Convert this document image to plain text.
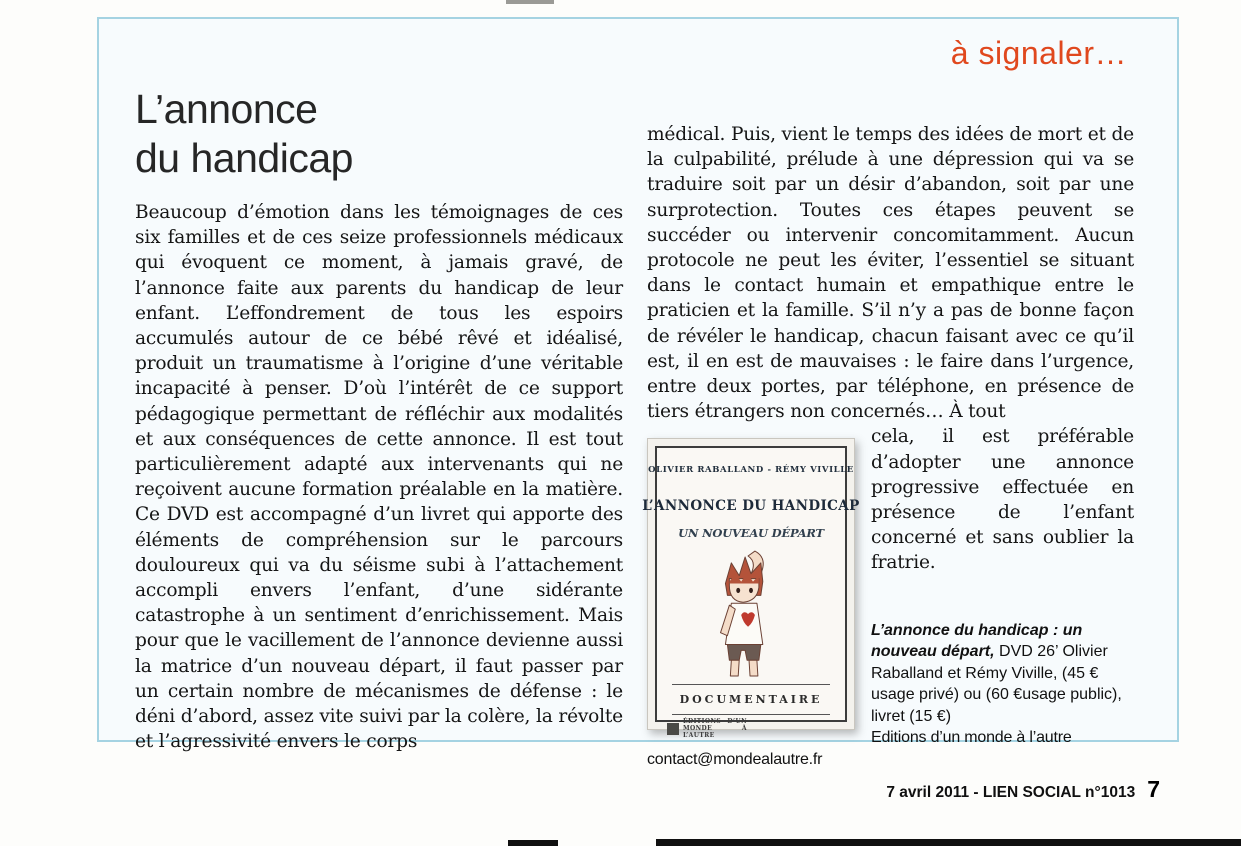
à signaler…
L’annonce
du handicap
Beaucoup d’émotion dans les témoignages de ces six familles et de ces seize professionnels médicaux qui évoquent ce moment, à jamais gravé, de l’annonce faite aux parents du handicap de leur enfant. L’effondrement de tous les espoirs accumulés autour de ce bébé rêvé et idéalisé, produit un traumatisme à l’origine d’une véritable incapacité à penser. D’où l’intérêt de ce support pédagogique permettant de réfléchir aux modalités et aux conséquences de cette annonce. Il est tout particulièrement adapté aux intervenants qui ne reçoivent aucune formation préalable en la matière. Ce DVD est accompagné d’un livret qui apporte des éléments de compréhension sur le parcours douloureux qui va du séisme subi à l’attachement accompli envers l’enfant, d’une sidérante catastrophe à un sentiment d’enrichissement. Mais pour que le vacillement de l’annonce devienne aussi la matrice d’un nouveau départ, il faut passer par un certain nombre de mécanismes de défense : le déni d’abord, assez vite suivi par la colère, la révolte et l’agressivité envers le corps

médical. Puis, vient le temps des idées de mort et de la culpabilité, prélude à une dépression qui va se traduire soit par un désir d’abandon, soit par une surprotection. Toutes ces étapes peuvent se succéder ou intervenir concomitamment. Aucun protocole ne peut les éviter, l’essentiel se situant dans le contact humain et empathique entre le praticien et la famille. S’il n’y a pas de bonne façon de révéler le handicap, chacun faisant avec ce qu’il est, il en est de mauvaises : le faire dans l’urgence, entre deux portes, par téléphone, en présence de tiers étrangers non concernés… À tout

OLIVIER RABALLAND - RÉMY VIVILLE
L’ANNONCE DU HANDICAP
UN NOUVEAU DÉPART
DOCUMENTAIRE
ÉDITIONS D’UN MONDE À L’AUTRE

cela, il est préférable d’adopter une annonce progressive effectuée en présence de l’enfant concerné et sans oublier la fratrie.

L’annonce du handicap : un nouveau départ, DVD 26’ Olivier Raballand et Rémy Viville, (45 € usage privé) ou (60 €usage public), livret (15 €)

Editions d’un monde à l’autre
contact@mondealautre.fr
7 avril 2011 - LIEN SOCIAL n°1013 7
